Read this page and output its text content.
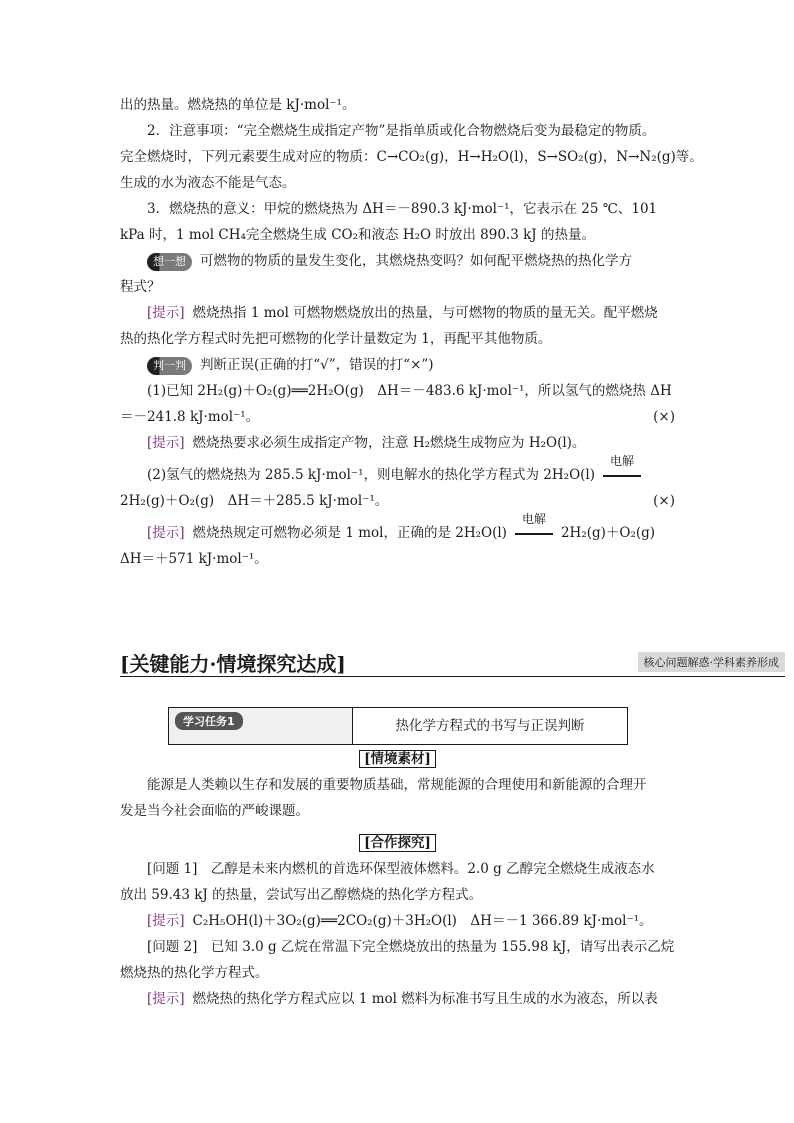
出的热量。燃烧热的单位是 kJ·mol⁻¹。
2．注意事项：“完全燃烧生成指定产物”是指单质或化合物燃烧后变为最稳定的物质。
完全燃烧时，下列元素要生成对应的物质：C→CO₂(g)，H→H₂O(l)，S→SO₂(g)，N→N₂(g)等。
生成的水为液态不能是气态。
3．燃烧热的意义：甲烷的燃烧热为 ΔH＝－890.3 kJ·mol⁻¹，它表示在 25 ℃、101
kPa 时，1 mol CH₄完全燃烧生成 CO₂和液态 H₂O 时放出 890.3 kJ 的热量。
想一想 可燃物的物质的量发生变化，其燃烧热变吗？如何配平燃烧热的热化学方
程式？
[提示] 燃烧热指 1 mol 可燃物燃烧放出的热量，与可燃物的物质的量无关。配平燃烧
热的热化学方程式时先把可燃物的化学计量数定为 1，再配平其他物质。
判一判 判断正误(正确的打“√”，错误的打“×”)
(1)已知 2H₂(g)＋O₂(g)══2H₂O(g)　ΔH＝－483.6 kJ·mol⁻¹，所以氢气的燃烧热 ΔH
＝－241.8 kJ·mol⁻¹。	(×)
[提示] 燃烧热要求必须生成指定产物，注意 H₂燃烧生成物应为 H₂O(l)。
(2)氢气的燃烧热为 285.5 kJ·mol⁻¹，则电解水的热化学方程式为 2H₂O(l)
电解
2H₂(g)＋O₂(g)　ΔH＝＋285.5 kJ·mol⁻¹。	(×)
[提示] 燃烧热规定可燃物必须是 1 mol，正确的是 2H₂O(l)
电解
2H₂(g)＋O₂(g)
ΔH＝＋571 kJ·mol⁻¹。
[关键能力·情境探究达成]	核心问题解惑·学科素养形成
学习任务1	热化学方程式的书写与正误判断
[情境素材]
能源是人类赖以生存和发展的重要物质基础，常规能源的合理使用和新能源的合理开
发是当今社会面临的严峻课题。
[合作探究]
[问题 1]　乙醇是未来内燃机的首选环保型液体燃料。2.0 g 乙醇完全燃烧生成液态水
放出 59.43 kJ 的热量，尝试写出乙醇燃烧的热化学方程式。
[提示] C₂H₅OH(l)＋3O₂(g)══2CO₂(g)＋3H₂O(l)　ΔH＝－1 366.89 kJ·mol⁻¹。
[问题 2]　已知 3.0 g 乙烷在常温下完全燃烧放出的热量为 155.98 kJ，请写出表示乙烷
燃烧热的热化学方程式。
[提示] 燃烧热的热化学方程式应以 1 mol 燃料为标准书写且生成的水为液态，所以表
